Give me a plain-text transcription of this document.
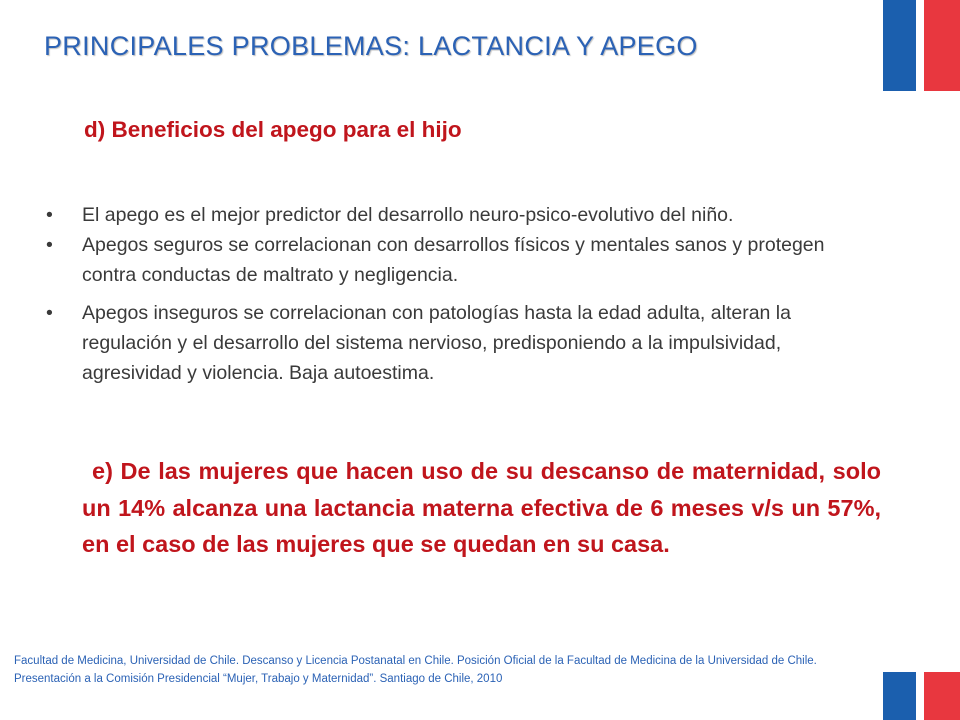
PRINCIPALES PROBLEMAS: LACTANCIA Y APEGO
d) Beneficios del apego para el hijo
•	El apego es el mejor predictor del desarrollo neuro-psico-evolutivo del niño.
•	Apegos seguros se correlacionan con desarrollos físicos y mentales sanos y protegen contra conductas de maltrato y negligencia.
•	Apegos inseguros se correlacionan con patologías hasta la edad adulta, alteran la regulación y el desarrollo del sistema nervioso, predisponiendo a la impulsividad, agresividad y violencia. Baja autoestima.
e) De las mujeres que hacen uso de su descanso de maternidad, solo un 14% alcanza una lactancia materna efectiva de 6 meses v/s un 57%, en el caso de las mujeres que se quedan en su casa.
Facultad de Medicina, Universidad de Chile. Descanso y Licencia Postanatal en Chile. Posición Oficial de la Facultad de Medicina de la Universidad de Chile. Presentación a la Comisión Presidencial “Mujer, Trabajo y Maternidad”. Santiago de Chile, 2010
